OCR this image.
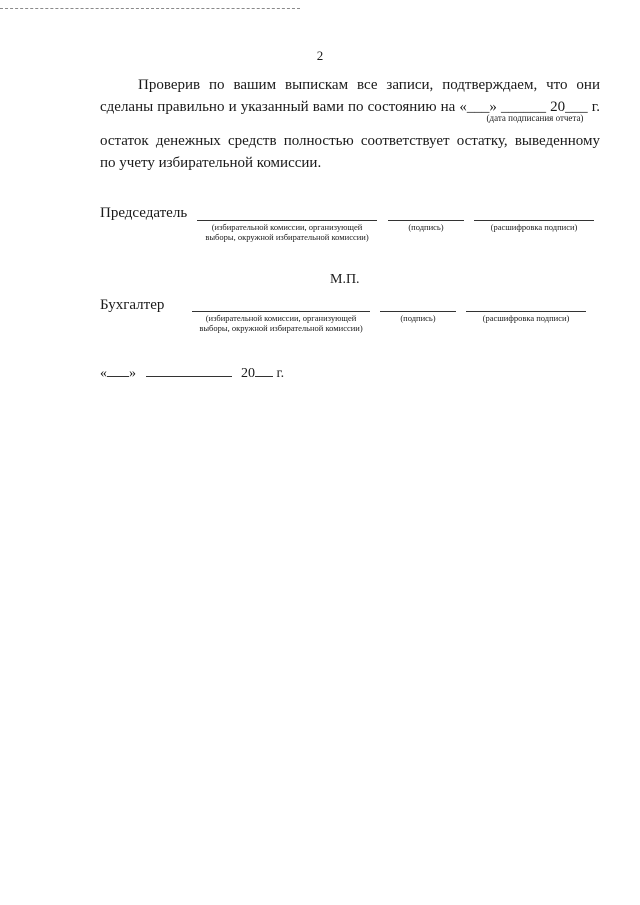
2
Проверив по вашим выпискам все записи, подтверждаем, что они
сделаны правильно и указанный вами по состоянию на «___» ______ 20___ г.
остаток денежных средств полностью соответствует остатку, выведенному
по учету избирательной комиссии.
(дата подписания отчета)
Председатель
(избирательной комиссии, организующей выборы, окружной избирательной комиссии)
(подпись)	(расшифровка подписи)
М.П.
Бухгалтер
(избирательной комиссии, организующей выборы, окружной избирательной комиссии)
(подпись)	(расшифровка подписи)
« »	20 г.
